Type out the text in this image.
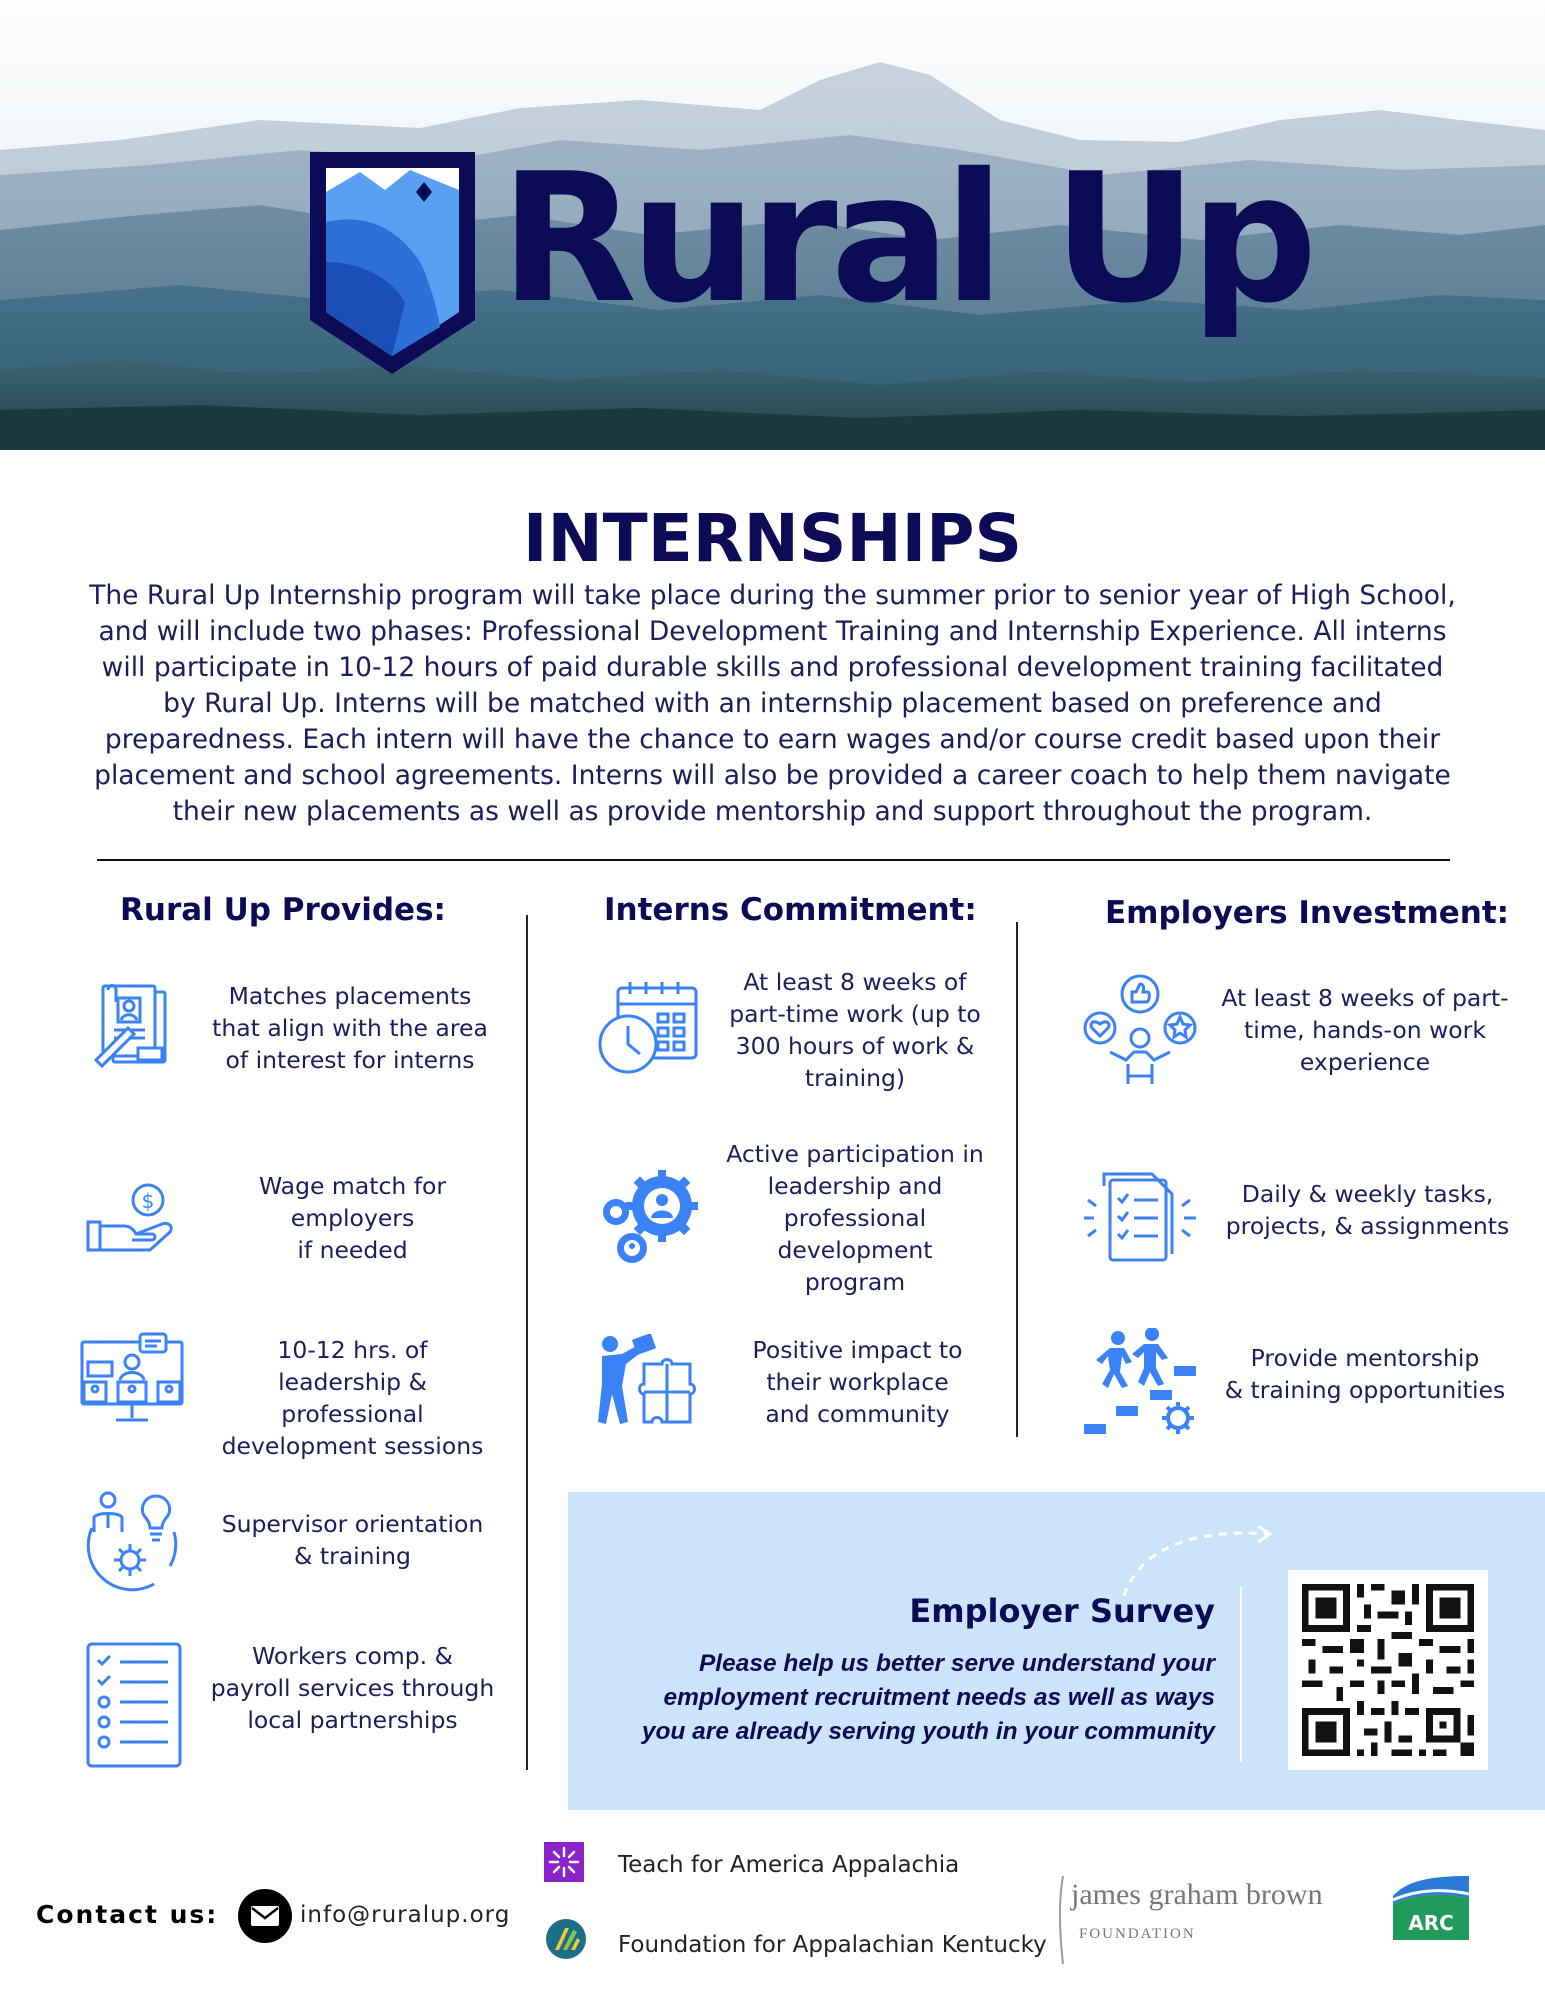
Rural Up
INTERNSHIPS
The Rural Up Internship program will take place during the summer prior to senior year of High School,
and will include two phases: Professional Development Training and Internship Experience. All interns
will participate in 10-12 hours of paid durable skills and professional development training facilitated
by Rural Up. Interns will be matched with an internship placement based on preference and
preparedness. Each intern will have the chance to earn wages and/or course credit based upon their
placement and school agreements. Interns will also be provided a career coach to help them navigate
their new placements as well as provide mentorship and support throughout the program.
Rural Up Provides:	Interns Commitment:	Employers Investment:
Matches placements
that align with the area
of interest for interns
$
Wage match for
employers
if needed
10-12 hrs. of
leadership & professional
development sessions
Supervisor orientation
& training
Workers comp. &
payroll services through
local partnerships
At least 8 weeks of
part-time work (up to
300 hours of work &
training)
Active participation in
leadership and
professional
development
program
Positive impact to
their workplace
and community
At least 8 weeks of part-
time, hands-on work
experience
Daily & weekly tasks,
projects, & assignments
Provide mentorship
& training opportunities
Employer Survey
Please help us better serve understand your
employment recruitment needs as well as ways
you are already serving youth in your community
Contact us:	info@ruralup.org
Teach for America Appalachia
Foundation for Appalachian Kentucky
james graham brown
FOUNDATION	ARC
